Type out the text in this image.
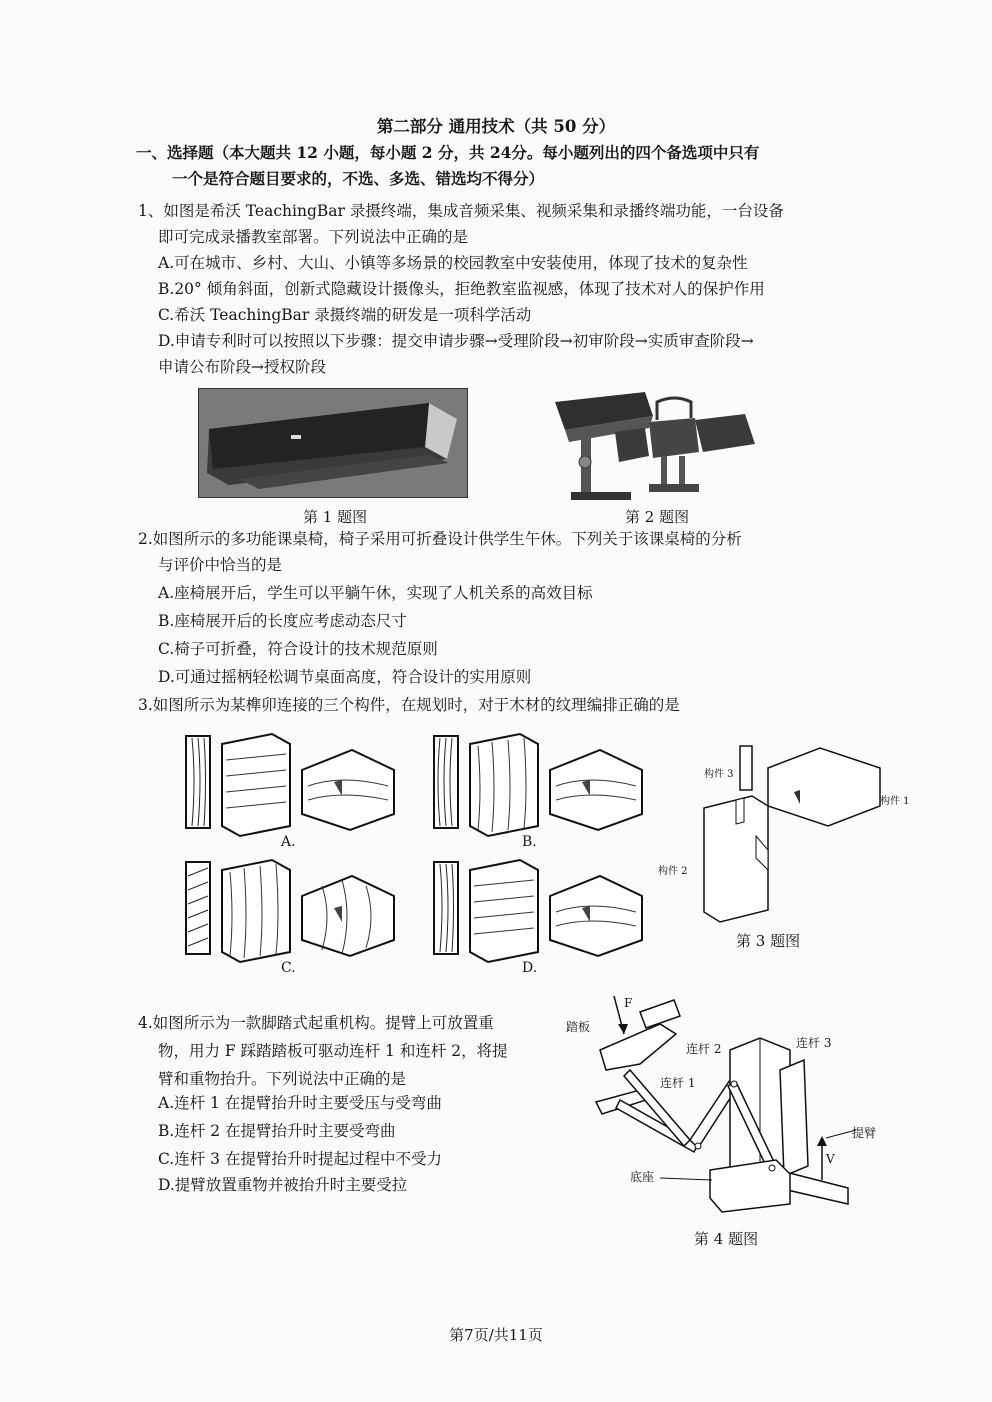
第二部分 通用技术（共 50 分）
一、选择题（本大题共 12 小题，每小题 2 分，共 24分。每小题列出的四个备选项中只有
一个是符合题目要求的，不选、多选、错选均不得分）
1、如图是希沃 TeachingBar 录摄终端，集成音频采集、视频采集和录播终端功能，一台设备
即可完成录播教室部署。下列说法中正确的是
A.可在城市、乡村、大山、小镇等多场景的校园教室中安装使用，体现了技术的复杂性
B.20° 倾角斜面，创新式隐藏设计摄像头，拒绝教室监视感，体现了技术对人的保护作用
C.希沃 TeachingBar 录摄终端的研发是一项科学活动
D.申请专利时可以按照以下步骤：提交申请步骤→受理阶段→初审阶段→实质审查阶段→
申请公布阶段→授权阶段
第 1 题图	第 2 题图
2.如图所示的多功能课桌椅，椅子采用可折叠设计供学生午休。下列关于该课桌椅的分析
与评价中恰当的是
A.座椅展开后，学生可以平躺午休，实现了人机关系的高效目标
B.座椅展开后的长度应考虑动态尺寸
C.椅子可折叠，符合设计的技术规范原则
D.可通过摇柄轻松调节桌面高度，符合设计的实用原则
3.如图所示为某榫卯连接的三个构件，在规划时，对于木材的纹理编排正确的是
A.	B.
C.	D.
构件 3
构件 1
构件 2
第 3 题图
4.如图所示为一款脚踏式起重机构。提臂上可放置重
物，用力 F 踩踏踏板可驱动连杆 1 和连杆 2，将提
臂和重物抬升。下列说法中正确的是
A.连杆 1 在提臂抬升时主要受压与受弯曲
B.连杆 2 在提臂抬升时主要受弯曲
C.连杆 3 在提臂抬升时提起过程中不受力
D.提臂放置重物并被抬升时主要受拉
F
踏板
连杆 2	连杆 3
连杆 1
提臂
V
底座
第 4 题图
第7页/共11页
